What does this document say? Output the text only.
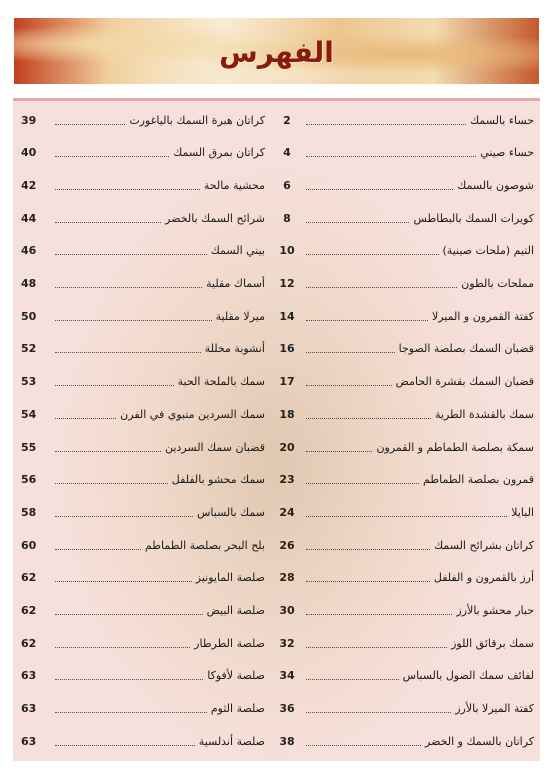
الفهرس
حساء بالسمك
2
حساء صيني
4
شوصون بالسمك
6
كويرات السمك بالبطاطس
8
التيم (ملحات صينية)
10
مملحات بالطون
12
كفتة القمرون و الميرلا
14
قضبان السمك بصلصة الصوجا
16
قضبان السمك بقشرة الحامض
17
سمك بالقشدة الطرية
18
سمكة بصلصة الطماطم و القمرون
20
قمرون بصلصة الطماطم
23
البايلا
24
كراتان بشرائح السمك
26
أرز بالقمرون و الفلفل
28
حبار محشو بالأرز
30
سمك برقائق اللوز
32
لفائف سمك الصول بالسباس
34
كفتة الميرلا بالأرز
36
كراتان بالسمك و الخضر
38
كراتان هبرة السمك بالياغورت
39
كراتان بمرق السمك
40
محشية مالحة
42
شرائح السمك بالخضر
44
بيني السمك
46
أسماك مقلية
48
ميرلا مقلية
50
أنشوبة مخللة
52
سمك بالملحة الحبة
53
سمك السردين متبوي في الفرن
54
قضبان سمك السردين
55
سمك محشو بالفلفل
56
سمك بالسباس
58
بلح البحر بصلصة الطماطم
60
صلصة المايونيز
62
صلصة البيض
62
صلصة الطرطار
62
صلصة لأفوكا
63
صلصة الثوم
63
صلصة أندلسية
63
